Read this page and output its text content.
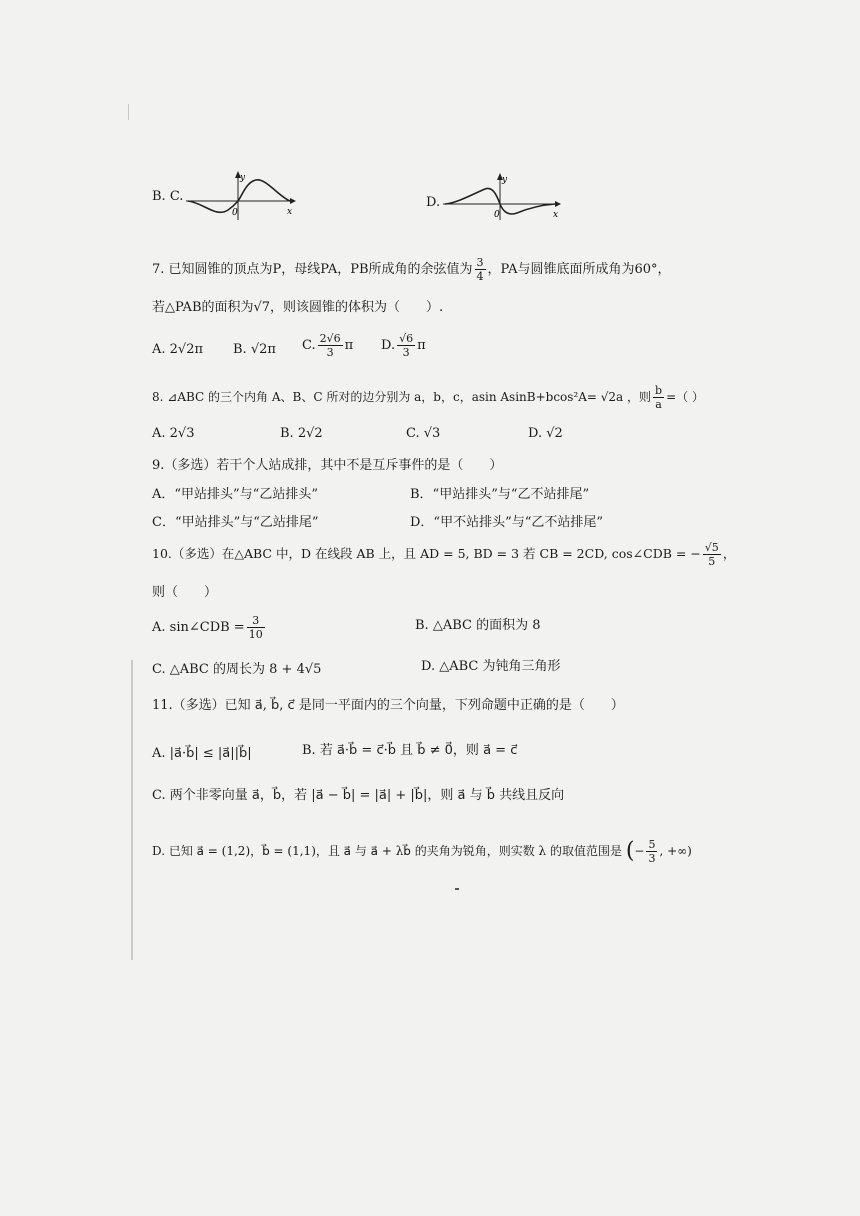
B. C.
y
0	x
D.
y
0	x
7. 已知圆锥的顶点为P，母线PA，PB所成角的余弦值为 $\frac{3}{4}$ ，PA与圆锥底面所成角为60°，
若△PAB的面积为√7，则该圆锥的体积为（　　）.
A. 2√2π B. √2π C. $\frac{2√6}{3}$ π D. $\frac{√6}{3}$ π
8. ⊿ABC 的三个内角 A、B、C 所对的边分别为 a，b，c，asin AsinB+bcos²A= √2a ，则 $\frac{b}{a}$ =（ ）
A. 2√3	B. 2√2	C. √3	D. √2
9.（多选）若干个人站成排，其中不是互斥事件的是（　　）
A．“甲站排头”与“乙站排头”	B．“甲站排头”与“乙不站排尾”
C．“甲站排头”与“乙站排尾”	D．“甲不站排头”与“乙不站排尾”
10.（多选）在△ABC 中，D 在线段 AB 上，且 AD = 5, BD = 3 若 CB = 2CD, cos∠CDB = − $\frac{√5}{5}$ ，
则（　　）
A. sin∠CDB = $\frac{3}{10}$	B. △ABC 的面积为 8
C. △ABC 的周长为 8 + 4√5	D. △ABC 为钝角三角形
11.（多选）已知 a⃗, b⃗, c⃗ 是同一平面内的三个向量，下列命题中正确的是（　　）
A. |a⃗·b⃗| ≤ |a⃗||b⃗|	B. 若 a⃗·b⃗ = c⃗·b⃗ 且 b⃗ ≠ 0⃗，则 a⃗ = c⃗
C. 两个非零向量 a⃗，b⃗，若 |a⃗ − b⃗| = |a⃗| + |b⃗|，则 a⃗ 与 b⃗ 共线且反向
D. 已知 a⃗ = (1,2)，b⃗ = (1,1)，且 a⃗ 与 a⃗ + λb⃗ 的夹角为锐角，则实数 λ 的取值范围是 (− $\frac{5}{3}$ , +∞)
